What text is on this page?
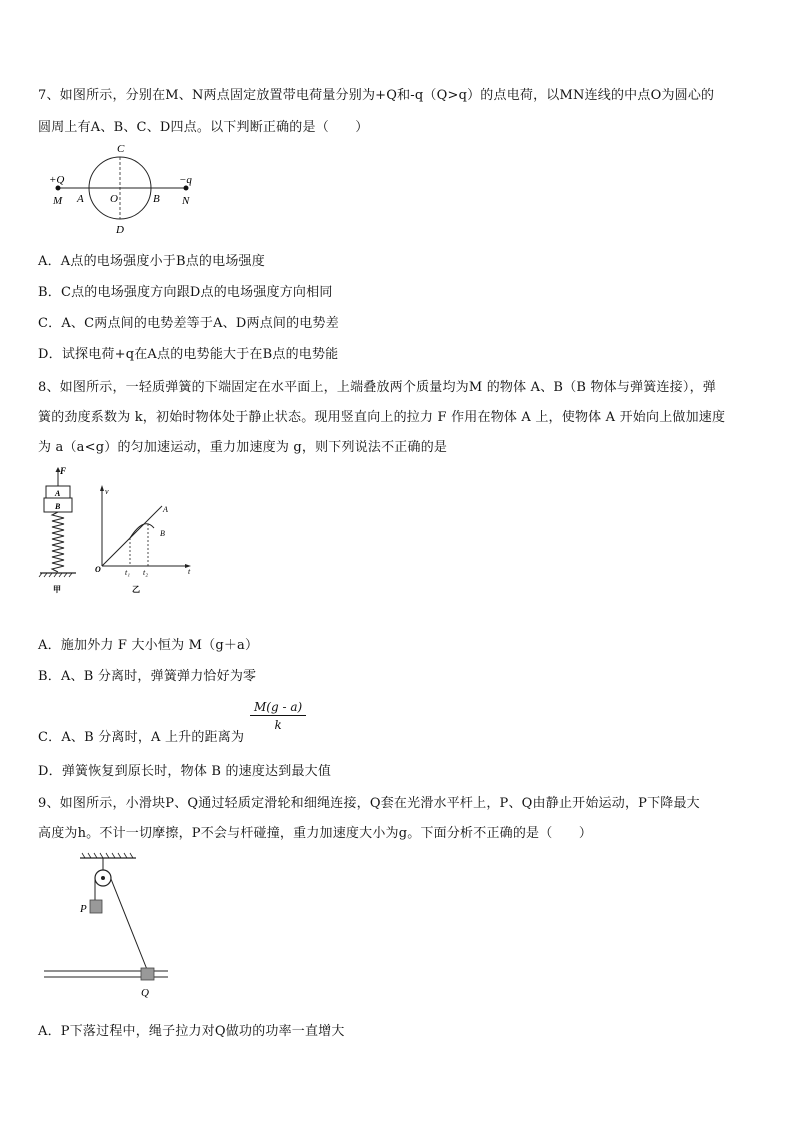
7、如图所示，分别在M、N两点固定放置带电荷量分别为+Q和-q（Q>q）的点电荷，以MN连线的中点O为圆心的
圆周上有A、B、C、D四点。以下判断正确的是（　　）
C
D
O
A	B
+Q	−q
M	N
A．A点的电场强度小于B点的电场强度
B．C点的电场强度方向跟D点的电场强度方向相同
C．A、C两点间的电势差等于A、D两点间的电势差
D．试探电荷+q在A点的电势能大于在B点的电势能
8、如图所示，一轻质弹簧的下端固定在水平面上，上端叠放两个质量均为M 的物体 A、B（B 物体与弹簧连接），弹
簧的劲度系数为 k，初始时物体处于静止状态。现用竖直向上的拉力 F 作用在物体 A 上，使物体 A 开始向上做加速度
为 a（a<g）的匀加速运动，重力加速度为 g，则下列说法不正确的是
F
A
B
甲
v
O	t
A
B
t₁ t₂
乙
A．施加外力 F 大小恒为 M（g＋a）
B．A、B 分离时，弹簧弹力恰好为零
C．A、B 分离时，A 上升的距离为
$\frac{M(g - a)}{k}$
D．弹簧恢复到原长时，物体 B 的速度达到最大值
9、如图所示，小滑块P、Q通过轻质定滑轮和细绳连接，Q套在光滑水平杆上，P、Q由静止开始运动，P下降最大
高度为h。不计一切摩擦，P不会与杆碰撞，重力加速度大小为g。下面分析不正确的是（　　）
P
Q
A．P下落过程中，绳子拉力对Q做功的功率一直增大
